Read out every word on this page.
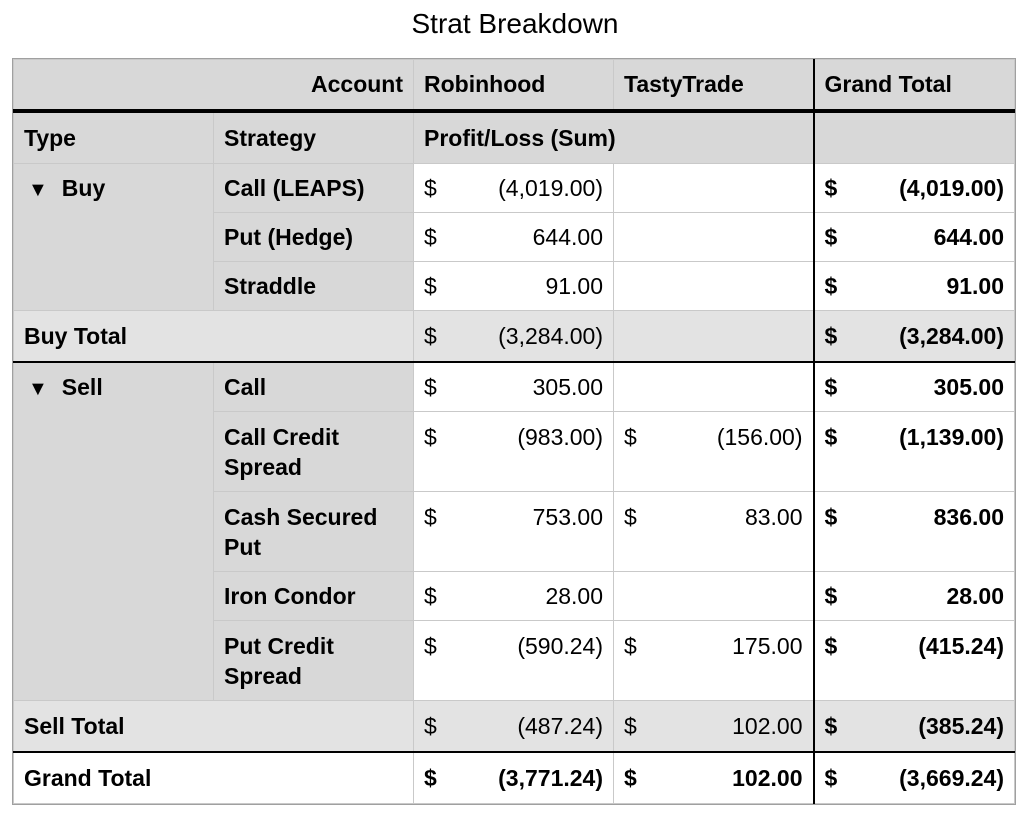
Strat Breakdown
Account		Robinhood	TastyTrade	Grand Total
Type	Strategy	Profit/Loss (Sum)		
▼ Buy	Call (LEAPS)	$ (4,019.00)		$ (4,019.00)

	Put (Hedge)	$ 644.00		$ 644.00

	Straddle	$ 91.00		$ 91.00

Buy Total		$ (3,284.00)		$ (3,284.00)

▼ Sell	Call	$ 305.00		$ 305.00

	Call Credit
Spread	$ (983.00)	$ (156.00)	$ (1,139.00)

	Cash Secured
Put	$ 753.00	$ 83.00	$ 836.00

	Iron Condor	$ 28.00		$ 28.00

	Put Credit
Spread	$ (590.24)	$ 175.00	$ (415.24)

Sell Total		$ (487.24)	$ 102.00	$ (385.24)

Grand Total		$ (3,771.24)	$ 102.00	$ (3,669.24)
